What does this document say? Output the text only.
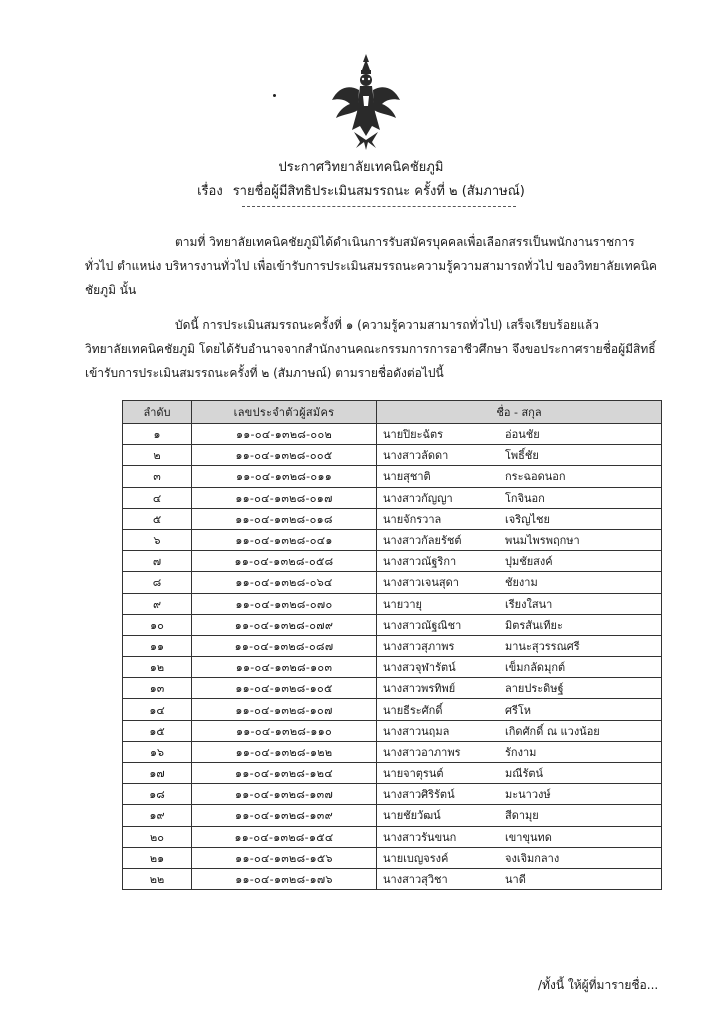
ประกาศวิทยาลัยเทคนิคชัยภูมิ
เรื่อง รายชื่อผู้มีสิทธิประเมินสมรรถนะ ครั้งที่ ๒ (สัมภาษณ์)
ตามที่ วิทยาลัยเทคนิคชัยภูมิได้ดำเนินการรับสมัครบุคคลเพื่อเลือกสรรเป็นพนักงานราชการ
ทั่วไป ตำแหน่ง บริหารงานทั่วไป เพื่อเข้ารับการประเมินสมรรถนะความรู้ความสามารถทั่วไป ของวิทยาลัยเทคนิค
ชัยภูมิ นั้น
บัดนี้ การประเมินสมรรถนะครั้งที่ ๑ (ความรู้ความสามารถทั่วไป) เสร็จเรียบร้อยแล้ว
วิทยาลัยเทคนิคชัยภูมิ โดยได้รับอำนาจจากสำนักงานคณะกรรมการการอาชีวศึกษา จึงขอประกาศรายชื่อผู้มีสิทธิ์
เข้ารับการประเมินสมรรถนะครั้งที่ ๒ (สัมภาษณ์) ตามรายชื่อดังต่อไปนี้
ลำดับ	เลขประจำตัวผู้สมัคร	ชื่อ - สกุล
๑	๑๑-๐๔-๑๓๒๘-๐๐๒	นายปิยะฉัตร อ่อนชัย
๒	๑๑-๐๔-๑๓๒๘-๐๐๕	นางสาวลัดดา โพธิ์ชัย
๓	๑๑-๐๔-๑๓๒๘-๐๑๑	นายสุชาติ กระฉอดนอก
๔	๑๑-๐๔-๑๓๒๘-๐๑๗	นางสาวกัญญา โกจินอก
๕	๑๑-๐๔-๑๓๒๘-๐๑๘	นายจักรวาล เจริญไชย
๖	๑๑-๐๔-๑๓๒๘-๐๔๑	นางสาวกัลยรัชต์ พนมไพรพฤกษา
๗	๑๑-๐๔-๑๓๒๘-๐๕๘	นางสาวณัฐริกา ปุมชัยสงค์
๘	๑๑-๐๔-๑๓๒๘-๐๖๔	นางสาวเจนสุดา ชัยงาม
๙	๑๑-๐๔-๑๓๒๘-๐๗๐	นายวายุ เรียงใสนา
๑๐	๑๑-๐๔-๑๓๒๘-๐๗๙	นางสาวณัฐณิชา มิตรสันเทียะ
๑๑	๑๑-๐๔-๑๓๒๘-๐๘๗	นางสาวสุภาพร มานะสุวรรณศรี
๑๒	๑๑-๐๔-๑๓๒๘-๑๐๓	นางสวจุฬารัตน์ เข็มกลัดมุกต์
๑๓	๑๑-๐๔-๑๓๒๘-๑๐๕	นางสาวพรทิพย์ ลายประดิษฐ์
๑๔	๑๑-๐๔-๑๓๒๘-๑๐๗	นายธีระศักดิ์ ศรีโห
๑๕	๑๑-๐๔-๑๓๒๘-๑๑๐	นางสาวนฤมล เกิดศักดิ์ ณ แวงน้อย
๑๖	๑๑-๐๔-๑๓๒๘-๑๒๒	นางสาวอาภาพร รักงาม
๑๗	๑๑-๐๔-๑๓๒๘-๑๒๔	นายจาตุรนต์ มณีรัตน์
๑๘	๑๑-๐๔-๑๓๒๘-๑๓๗	นางสาวศิริรัตน์ มะนาวงษ์
๑๙	๑๑-๐๔-๑๓๒๘-๑๓๙	นายชัยวัฒน์ สีดามุย
๒๐	๑๑-๐๔-๑๓๒๘-๑๕๔	นางสาวรันขนก เขาขุนทด
๒๑	๑๑-๐๔-๑๓๒๘-๑๕๖	นายเบญจรงค์ จงเจิมกลาง
๒๒	๑๑-๐๔-๑๓๒๘-๑๗๖	นางสาวสุวิชา นาดี
/ทั้งนี้ ให้ผู้ที่มารายชื่อ...
